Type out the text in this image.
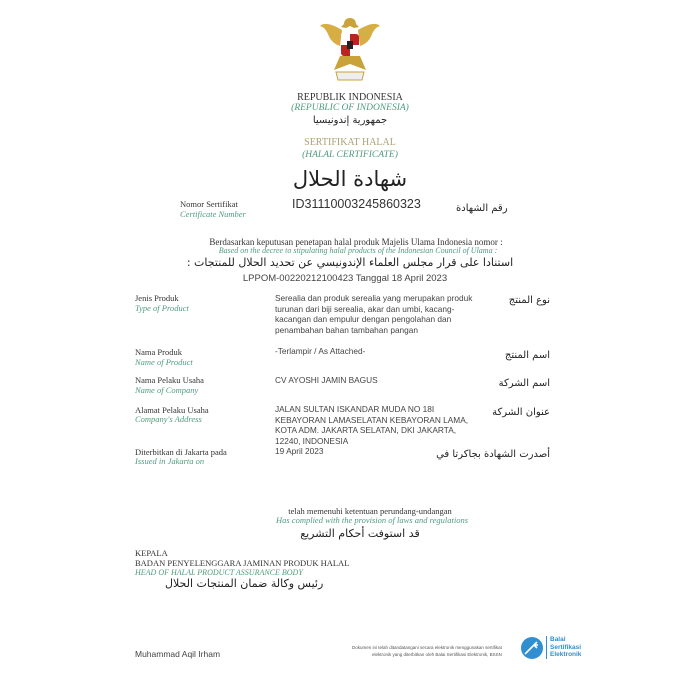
REPUBLIK INDONESIA
(REPUBLIC OF INDONESIA)
جمهورية إندونيسيا
SERTIFIKAT HALAL
(HALAL CERTIFICATE)
شهادة الحلال
Nomor Sertifikat
Certificate Number
ID31110003245860323	رقم الشهادة
Berdasarkan keputusan penetapan halal produk Majelis Ulama Indonesia nomor :
Based on the decree to stipulating halal products of the Indonesian Council of Ulama :
استنادا على قرار مجلس العلماء الإندونيسي عن تحديد الحلال للمنتجات :
LPPOM-00220212100423 Tanggal 18 April 2023
Jenis Produk
Type of Product
Serealia dan produk serealia yang merupakan produk turunan dari biji serealia, akar dan umbi, kacang-kacangan dan empulur dengan pengolahan dan penambahan bahan tambahan pangan
نوع المنتج
Nama Produk
Name of Product
-Terlampir / As Attached-	اسم المنتج
Nama Pelaku Usaha
Name of Company
CV AYOSHI JAMIN BAGUS	اسم الشركة
Alamat Pelaku Usaha
Company's Address
JALAN SULTAN ISKANDAR MUDA NO 18I KEBAYORAN LAMASELATAN KEBAYORAN LAMA, KOTA ADM. JAKARTA SELATAN, DKI JAKARTA, 12240, INDONESIA
عنوان الشركة
Diterbitkan di Jakarta pada
Issued in Jakarta on
19 April 2023	أصدرت الشهادة بجاكرتا في
telah memenuhi ketentuan perundang-undangan
Has complied with the provision of laws and regulations
قد استوفت أحكام التشريع
KEPALA
BADAN PENYELENGGARA JAMINAN PRODUK HALAL
HEAD OF HALAL PRODUCT ASSURANCE BODY
رئيس وكالة ضمان المنتجات الحلال
Muhammad Aqil Irham
Dokumen ini telah ditandatangani secara elektronik menggunakan sertifikat
elektronik yang diterbitkan oleh Balai Sertifikasi Elektronik, BSSN
Balai
Sertifikasi
Elektronik
